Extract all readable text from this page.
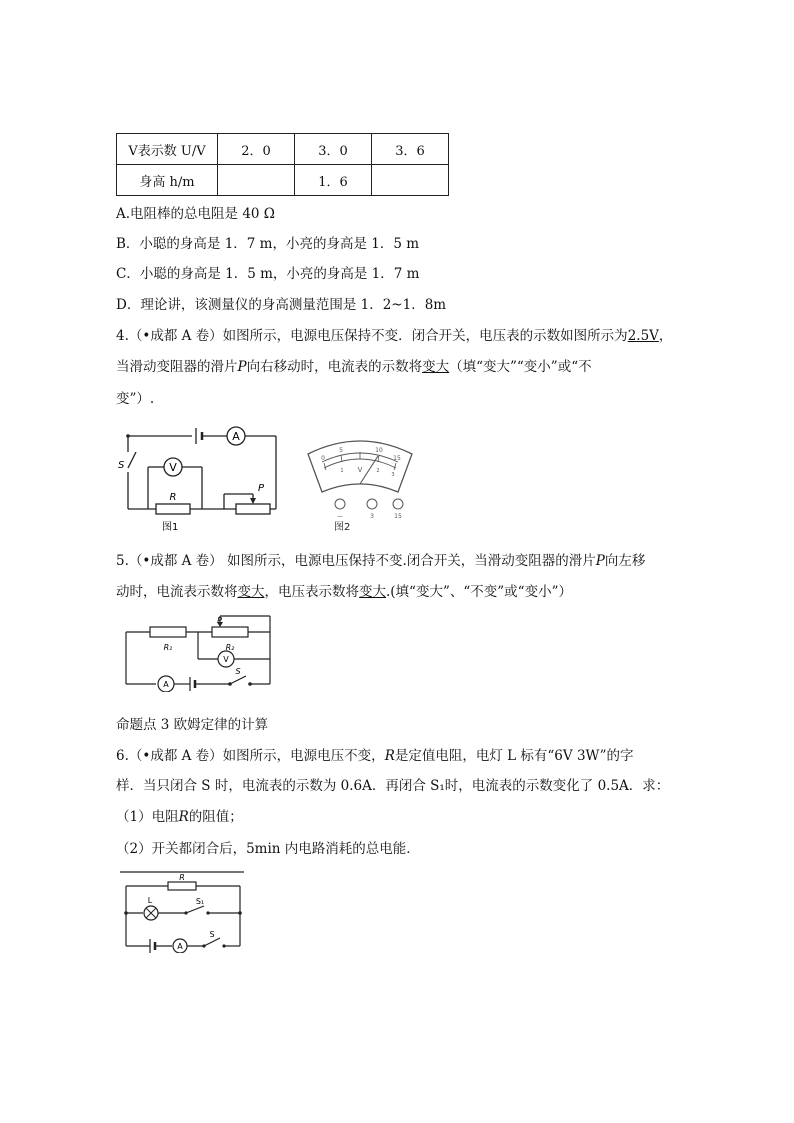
V表示数 U/V	2．0	3．0	3．6
身高 h/m		1．6	
A.电阻棒的总电阻是 40 Ω
B．小聪的身高是 1．7 m，小亮的身高是 1．5 m
C．小聪的身高是 1．5 m，小亮的身高是 1．7 m
D．理论讲，该测量仪的身高测量范围是 1．2~1．8m
4.（•成都 A 卷）如图所示，电源电压保持不变．闭合开关，电压表的示数如图所示为2.5V，
当滑动变阻器的滑片P向右移动时，电流表的示数将变大（填“变大”“变小”或“不
变”）.
A
V
R
P
S
图1
0
5	10
15
1	2
3
V
—	3	15
图2
5.（•成都 A 卷） 如图所示，电源电压保持不变.闭合开关，当滑动变阻器的滑片P向左移
动时，电流表示数将变大，电压表示数将变大.(填“变大”、“不变”或“变小”）
R₁	R₂
P
V
A
S
命题点 3 欧姆定律的计算
6.（•成都 A 卷）如图所示，电源电压不变，R是定值电阻，电灯 L 标有“6V 3W”的字
样．当只闭合 S 时，电流表的示数为 0.6A．再闭合 S₁时，电流表的示数变化了 0.5A．求：
（1）电阻R的阻值；
（2）开关都闭合后，5min 内电路消耗的总电能．
R
L	S₁
A
S
